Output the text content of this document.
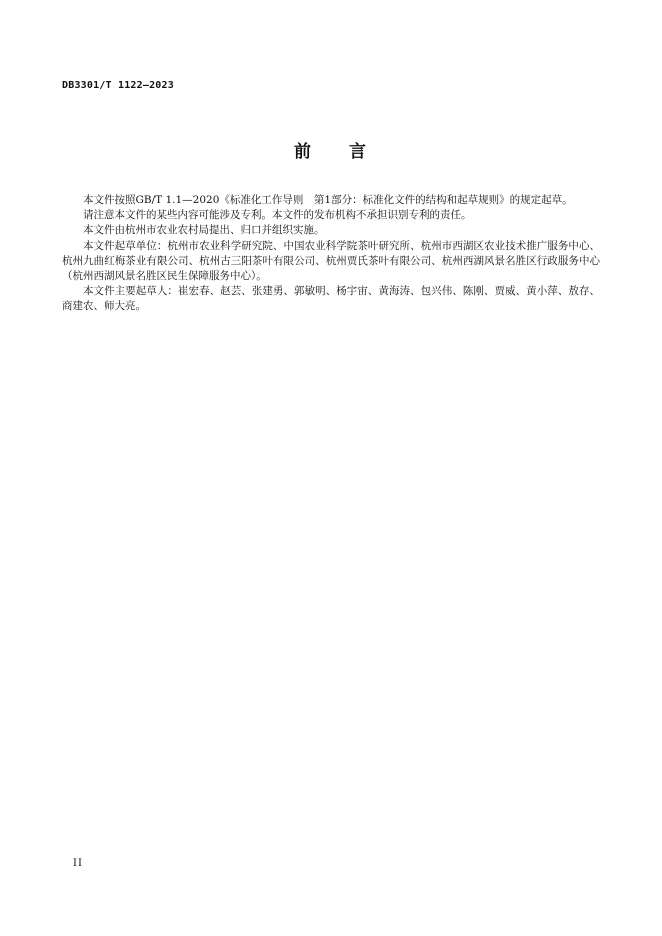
DB3301/T 1122—2023
前 言

本文件按照GB/T 1.1—2020《标准化工作导则　第1部分：标准化文件的结构和起草规则》的规定起草。

请注意本文件的某些内容可能涉及专利。本文件的发布机构不承担识别专利的责任。

本文件由杭州市农业农村局提出、归口并组织实施。

本文件起草单位：杭州市农业科学研究院、中国农业科学院茶叶研究所、杭州市西湖区农业技术推广服务中心、杭州九曲红梅茶业有限公司、杭州古三阳茶叶有限公司、杭州贾氏茶叶有限公司、杭州西湖风景名胜区行政服务中心（杭州西湖风景名胜区民生保障服务中心）。

本文件主要起草人：崔宏春、赵芸、张建勇、郭敏明、杨宇宙、黄海涛、包兴伟、陈刚、贾威、黄小萍、敖存、商建农、师大亮。

II
